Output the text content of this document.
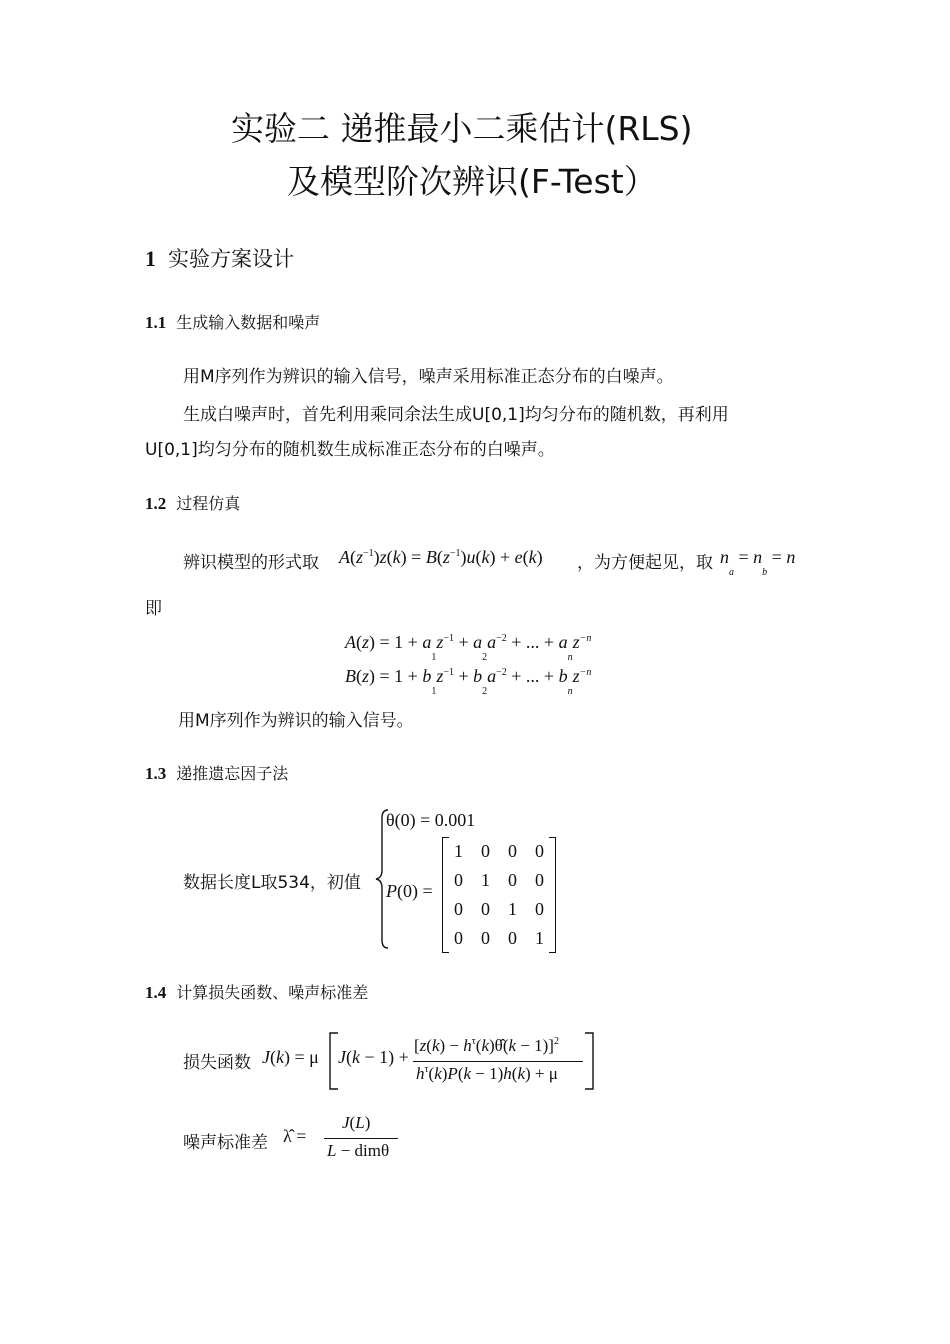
实验二 递推最小二乘估计(RLS)
及模型阶次辨识(F-Test）
1 实验方案设计
1.1 生成输入数据和噪声
用M序列作为辨识的输入信号，噪声采用标准正态分布的白噪声。
生成白噪声时，首先利用乘同余法生成U[0,1]均匀分布的随机数，再利用
U[0,1]均匀分布的随机数生成标准正态分布的白噪声。
1.2 过程仿真
辨识模型的形式取 $A(z^{-1})z(k) = B(z^{-1})u(k) + e(k)$ ，为方便起见，取 $n_a = n_b = n$
即
$A(z) = 1 + a_1z^{-1} + a_2a^{-2}$ + ... + $a_nz^{-n}$
$B(z) = 1 + b_1z^{-1} + b_2a^{-2}$ + ... + $b_nz^{-n}$
用M序列作为辨识的输入信号。
1.3 递推遗忘因子法
数据长度L取534，初值
θ(0) = 0.001
P(0) =
1	0	0	0
0	1	0	0
0	0	1	0
0	0	0	1
1.4 计算损失函数、噪声标准差
损失函数 J(k) = μ J(k − 1) +
$[z(k) - h^\tau(k)\thetâ(k - 1)]^2$
$h^\tau(k)P(k - 1)h(k) + \mu$
噪声标准差 λ̂ =
J(L)
L − dimθ
